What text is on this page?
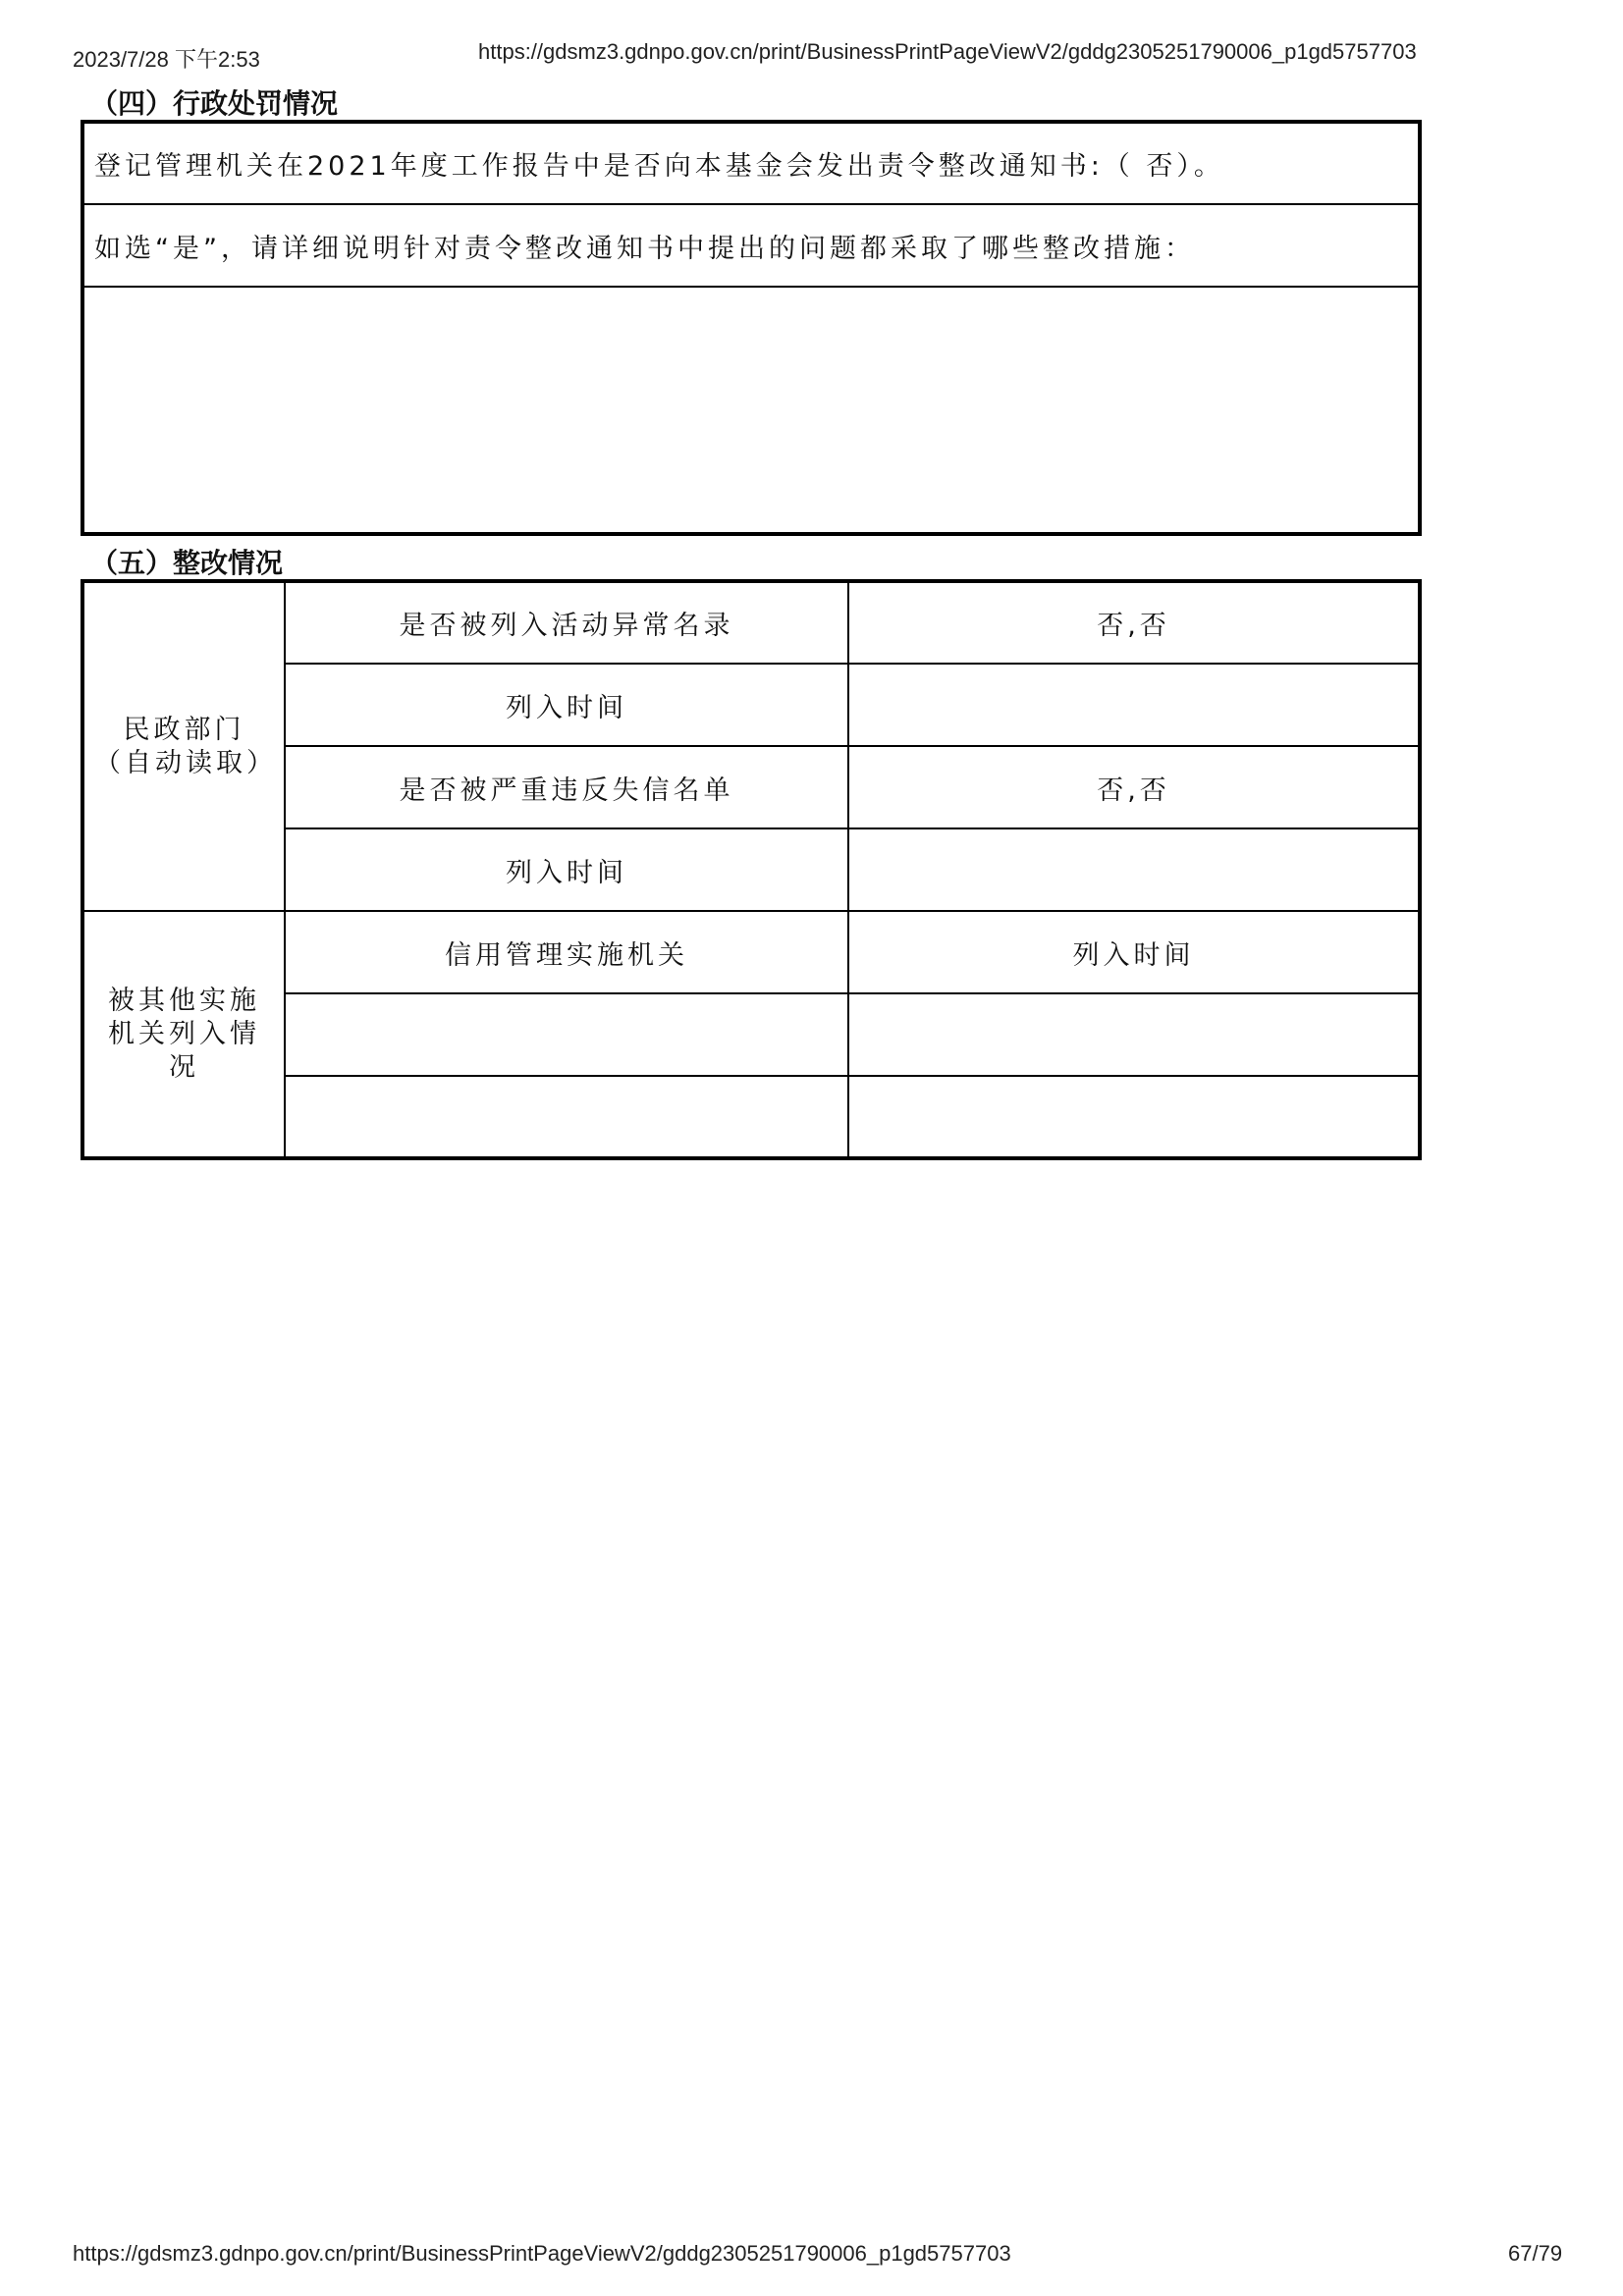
2023/7/28 下午2:53	https://gdsmz3.gdnpo.gov.cn/print/BusinessPrintPageViewV2/gddg2305251790006_p1gd5757703
（四）行政处罚情况
登记管理机关在2021年度工作报告中是否向本基金会发出责令整改通知书:（ 否）。
如选“是”，请详细说明针对责令整改通知书中提出的问题都采取了哪些整改措施：

（五）整改情况
民政部门（自动读取）	是否被列入活动异常名录	否,否
	列入时间	
	是否被严重违反失信名单	否,否
	列入时间	
被其他实施机关列入情况	信用管理实施机关	列入时间

https://gdsmz3.gdnpo.gov.cn/print/BusinessPrintPageViewV2/gddg2305251790006_p1gd5757703	67/79
